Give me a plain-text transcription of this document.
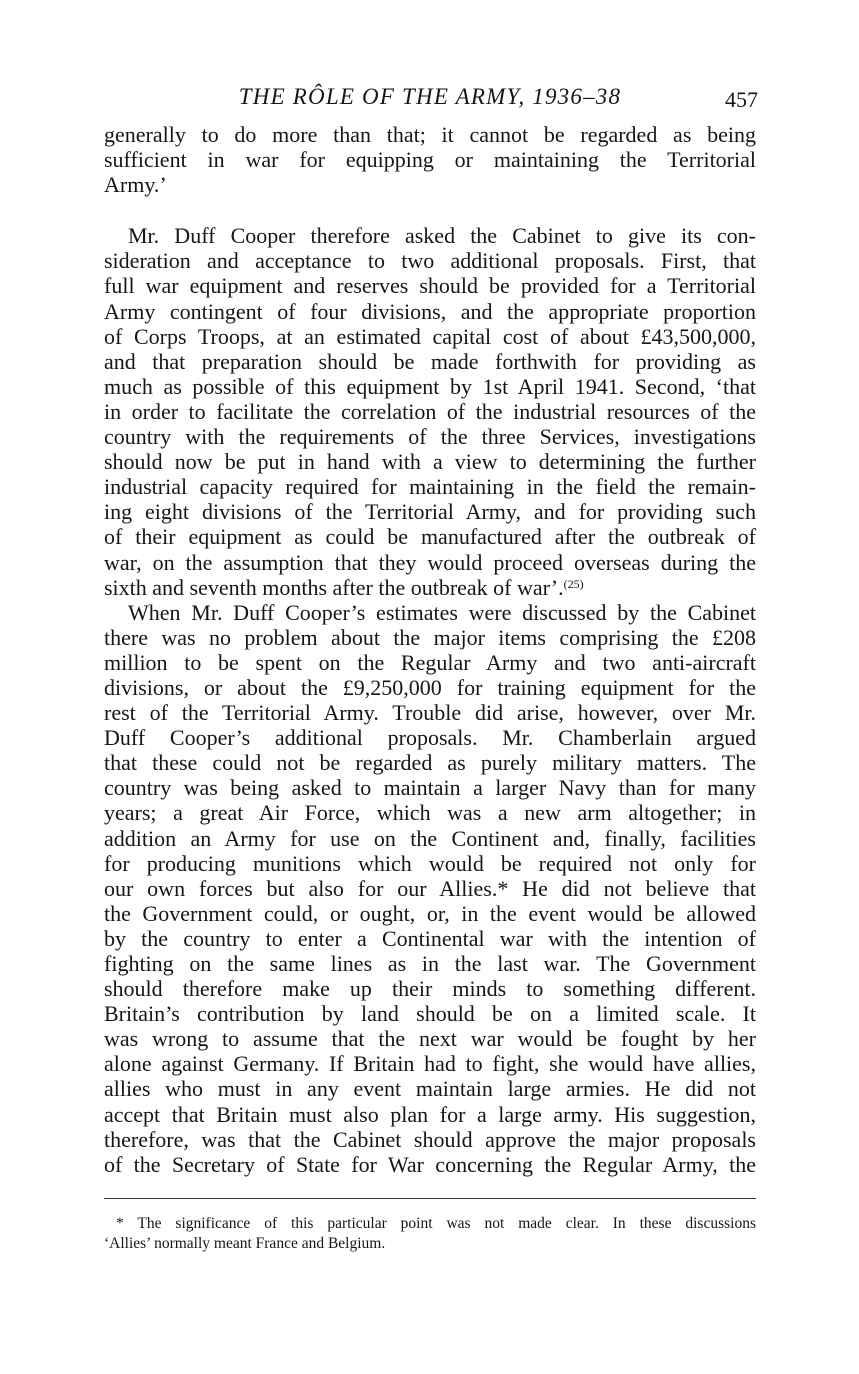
THE RÔLE OF THE ARMY, 1936–38	457
generally to do more than that; it cannot be regarded as being
sufficient in war for equipping or maintaining the Territorial
Army.’
Mr. Duff Cooper therefore asked the Cabinet to give its con-
sideration and acceptance to two additional proposals. First, that
full war equipment and reserves should be provided for a Territorial
Army contingent of four divisions, and the appropriate proportion
of Corps Troops, at an estimated capital cost of about £43,500,000,
and that preparation should be made forthwith for providing as
much as possible of this equipment by 1st April 1941. Second, ‘that
in order to facilitate the correlation of the industrial resources of the
country with the requirements of the three Services, investigations
should now be put in hand with a view to determining the further
industrial capacity required for maintaining in the field the remain-
ing eight divisions of the Territorial Army, and for providing such
of their equipment as could be manufactured after the outbreak of
war, on the assumption that they would proceed overseas during the
sixth and seventh months after the outbreak of war’.$^{(25)}$
When Mr. Duff Cooper’s estimates were discussed by the Cabinet
there was no problem about the major items comprising the £208
million to be spent on the Regular Army and two anti-aircraft
divisions, or about the £9,250,000 for training equipment for the
rest of the Territorial Army. Trouble did arise, however, over Mr.
Duff Cooper’s additional proposals. Mr. Chamberlain argued
that these could not be regarded as purely military matters. The
country was being asked to maintain a larger Navy than for many
years; a great Air Force, which was a new arm altogether; in
addition an Army for use on the Continent and, finally, facilities
for producing munitions which would be required not only for
our own forces but also for our Allies.* He did not believe that
the Government could, or ought, or, in the event would be allowed
by the country to enter a Continental war with the intention of
fighting on the same lines as in the last war. The Government
should therefore make up their minds to something different.
Britain’s contribution by land should be on a limited scale. It
was wrong to assume that the next war would be fought by her
alone against Germany. If Britain had to fight, she would have allies,
allies who must in any event maintain large armies. He did not
accept that Britain must also plan for a large army. His suggestion,
therefore, was that the Cabinet should approve the major proposals
of the Secretary of State for War concerning the Regular Army, the
* The significance of this particular point was not made clear. In these discussions
‘Allies’ normally meant France and Belgium.
